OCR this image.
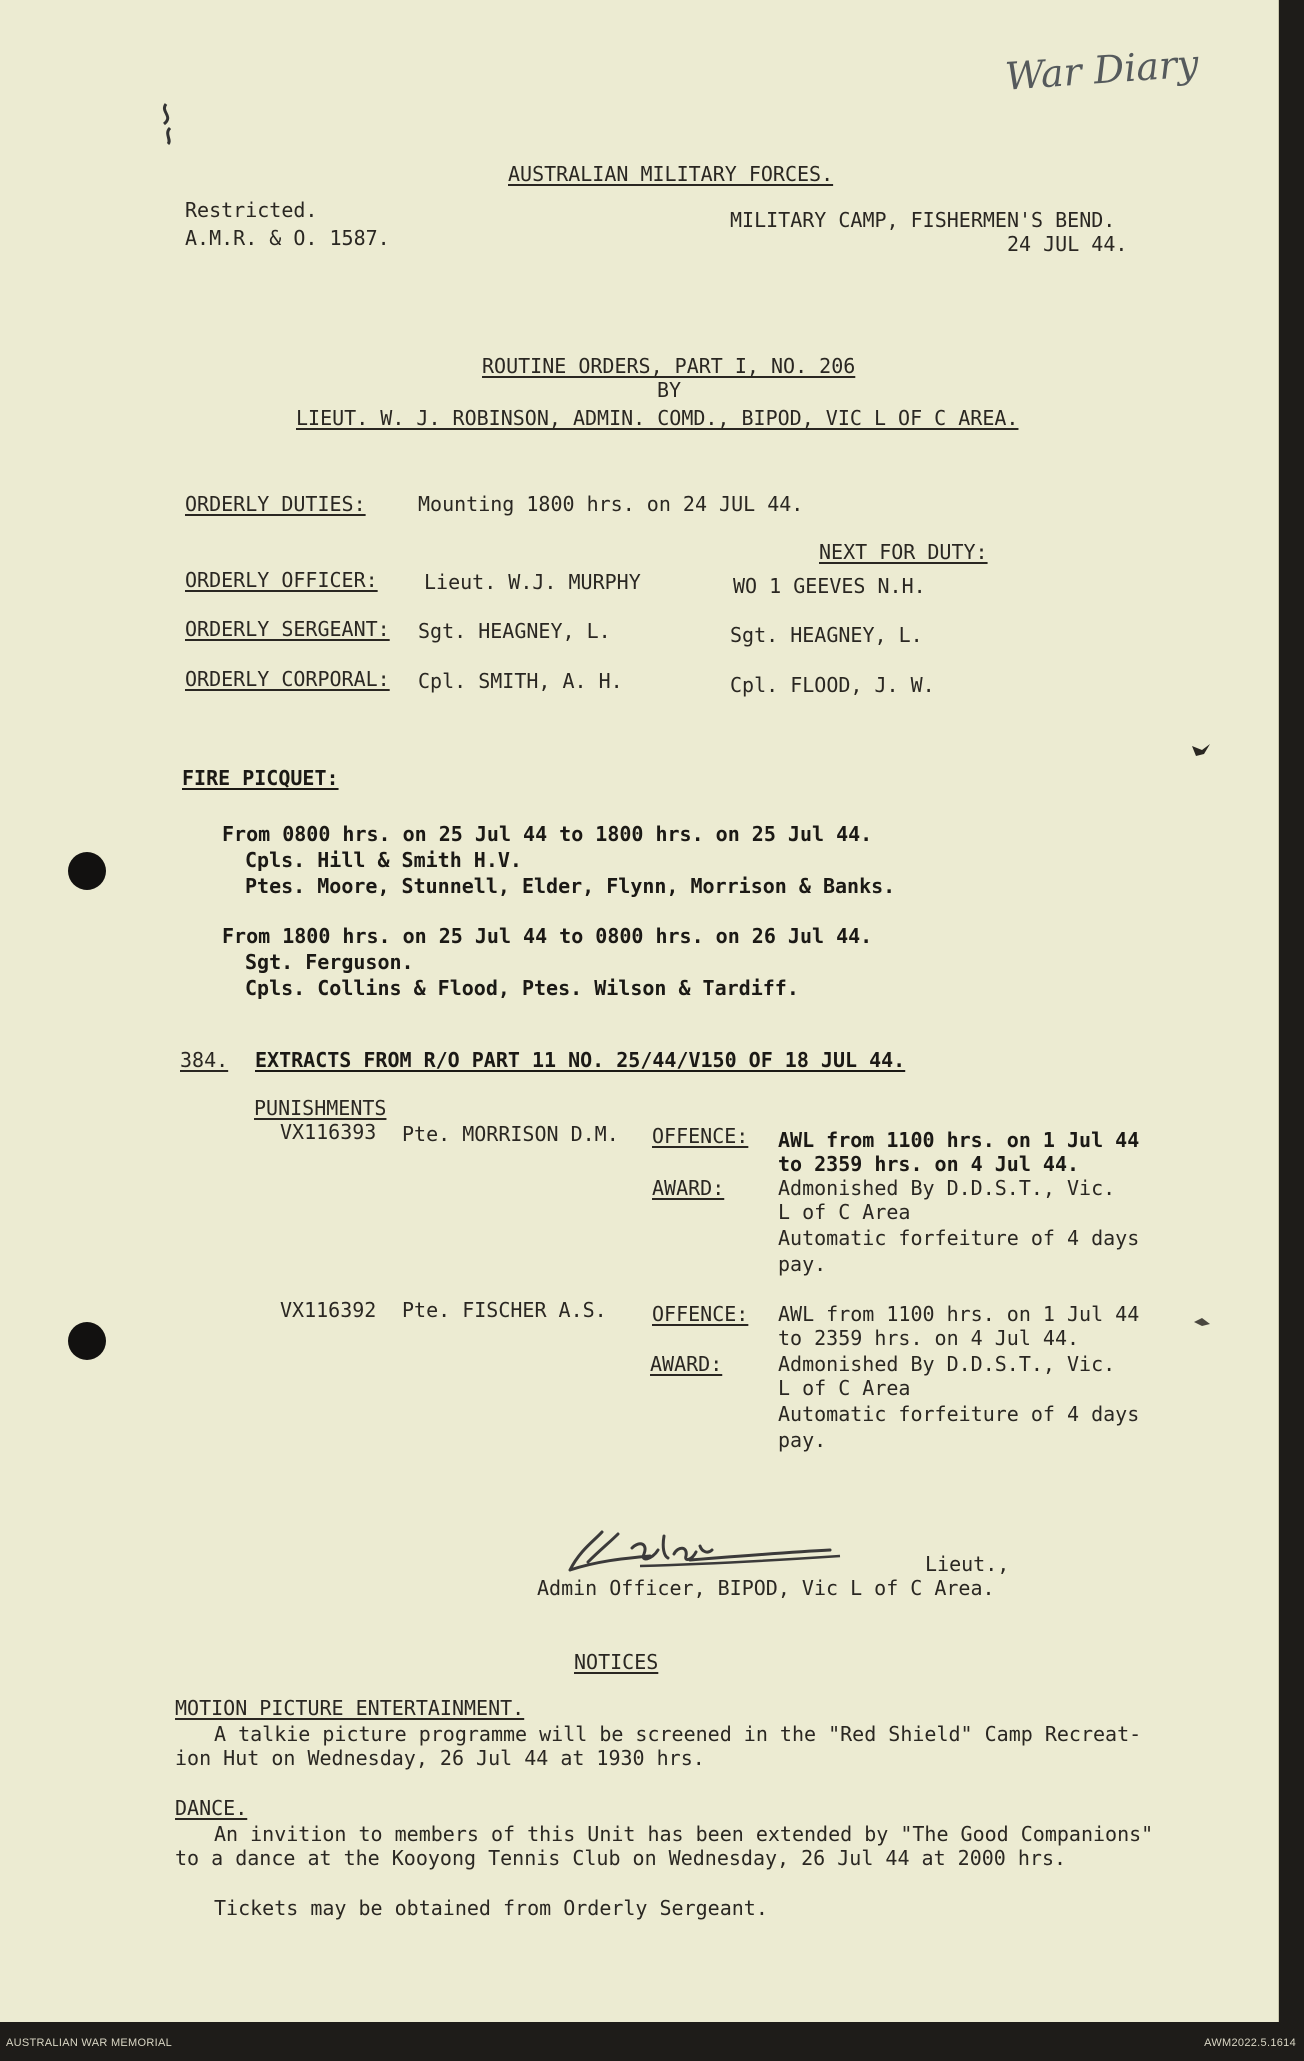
War Diary
AUSTRALIAN MILITARY FORCES.
Restricted.
A.M.R. & O. 1587.
MILITARY CAMP, FISHERMEN'S BEND.
24 JUL 44.
ROUTINE ORDERS, PART I, NO. 206
BY
LIEUT. W. J. ROBINSON, ADMIN. COMD., BIPOD, VIC L OF C AREA.
ORDERLY DUTIES:	Mounting 1800 hrs. on 24 JUL 44.
NEXT FOR DUTY:
ORDERLY OFFICER: Lieut. W.J. MURPHY	WO 1 GEEVES N.H.
ORDERLY SERGEANT: Sgt. HEAGNEY, L.	Sgt. HEAGNEY, L.
ORDERLY CORPORAL: Cpl. SMITH, A. H.	Cpl. FLOOD, J. W.
FIRE PICQUET:
From 0800 hrs. on 25 Jul 44 to 1800 hrs. on 25 Jul 44.
Cpls. Hill & Smith H.V.
Ptes. Moore, Stunnell, Elder, Flynn, Morrison & Banks.
From 1800 hrs. on 25 Jul 44 to 0800 hrs. on 26 Jul 44.
Sgt. Ferguson.
Cpls. Collins & Flood, Ptes. Wilson & Tardiff.
384. EXTRACTS FROM R/O PART 11 NO. 25/44/V150 OF 18 JUL 44.
PUNISHMENTS
VX116393 Pte. MORRISON D.M. OFFENCE: AWL from 1100 hrs. on 1 Jul 44
to 2359 hrs. on 4 Jul 44.
AWARD:	Admonished By D.D.S.T., Vic.
L of C Area
Automatic forfeiture of 4 days
pay.
VX116392 Pte. FISCHER A.S. OFFENCE: AWL from 1100 hrs. on 1 Jul 44
to 2359 hrs. on 4 Jul 44.
AWARD:	Admonished By D.D.S.T., Vic.
L of C Area
Automatic forfeiture of 4 days
pay.
Lieut.,
Admin Officer, BIPOD, Vic L of C Area.
NOTICES
MOTION PICTURE ENTERTAINMENT.
A talkie picture programme will be screened in the "Red Shield" Camp Recreat-
ion Hut on Wednesday, 26 Jul 44 at 1930 hrs.
DANCE.
An invition to members of this Unit has been extended by "The Good Companions"
to a dance at the Kooyong Tennis Club on Wednesday, 26 Jul 44 at 2000 hrs.
Tickets may be obtained from Orderly Sergeant.
AUSTRALIAN WAR MEMORIAL	AWM2022.5.1614
